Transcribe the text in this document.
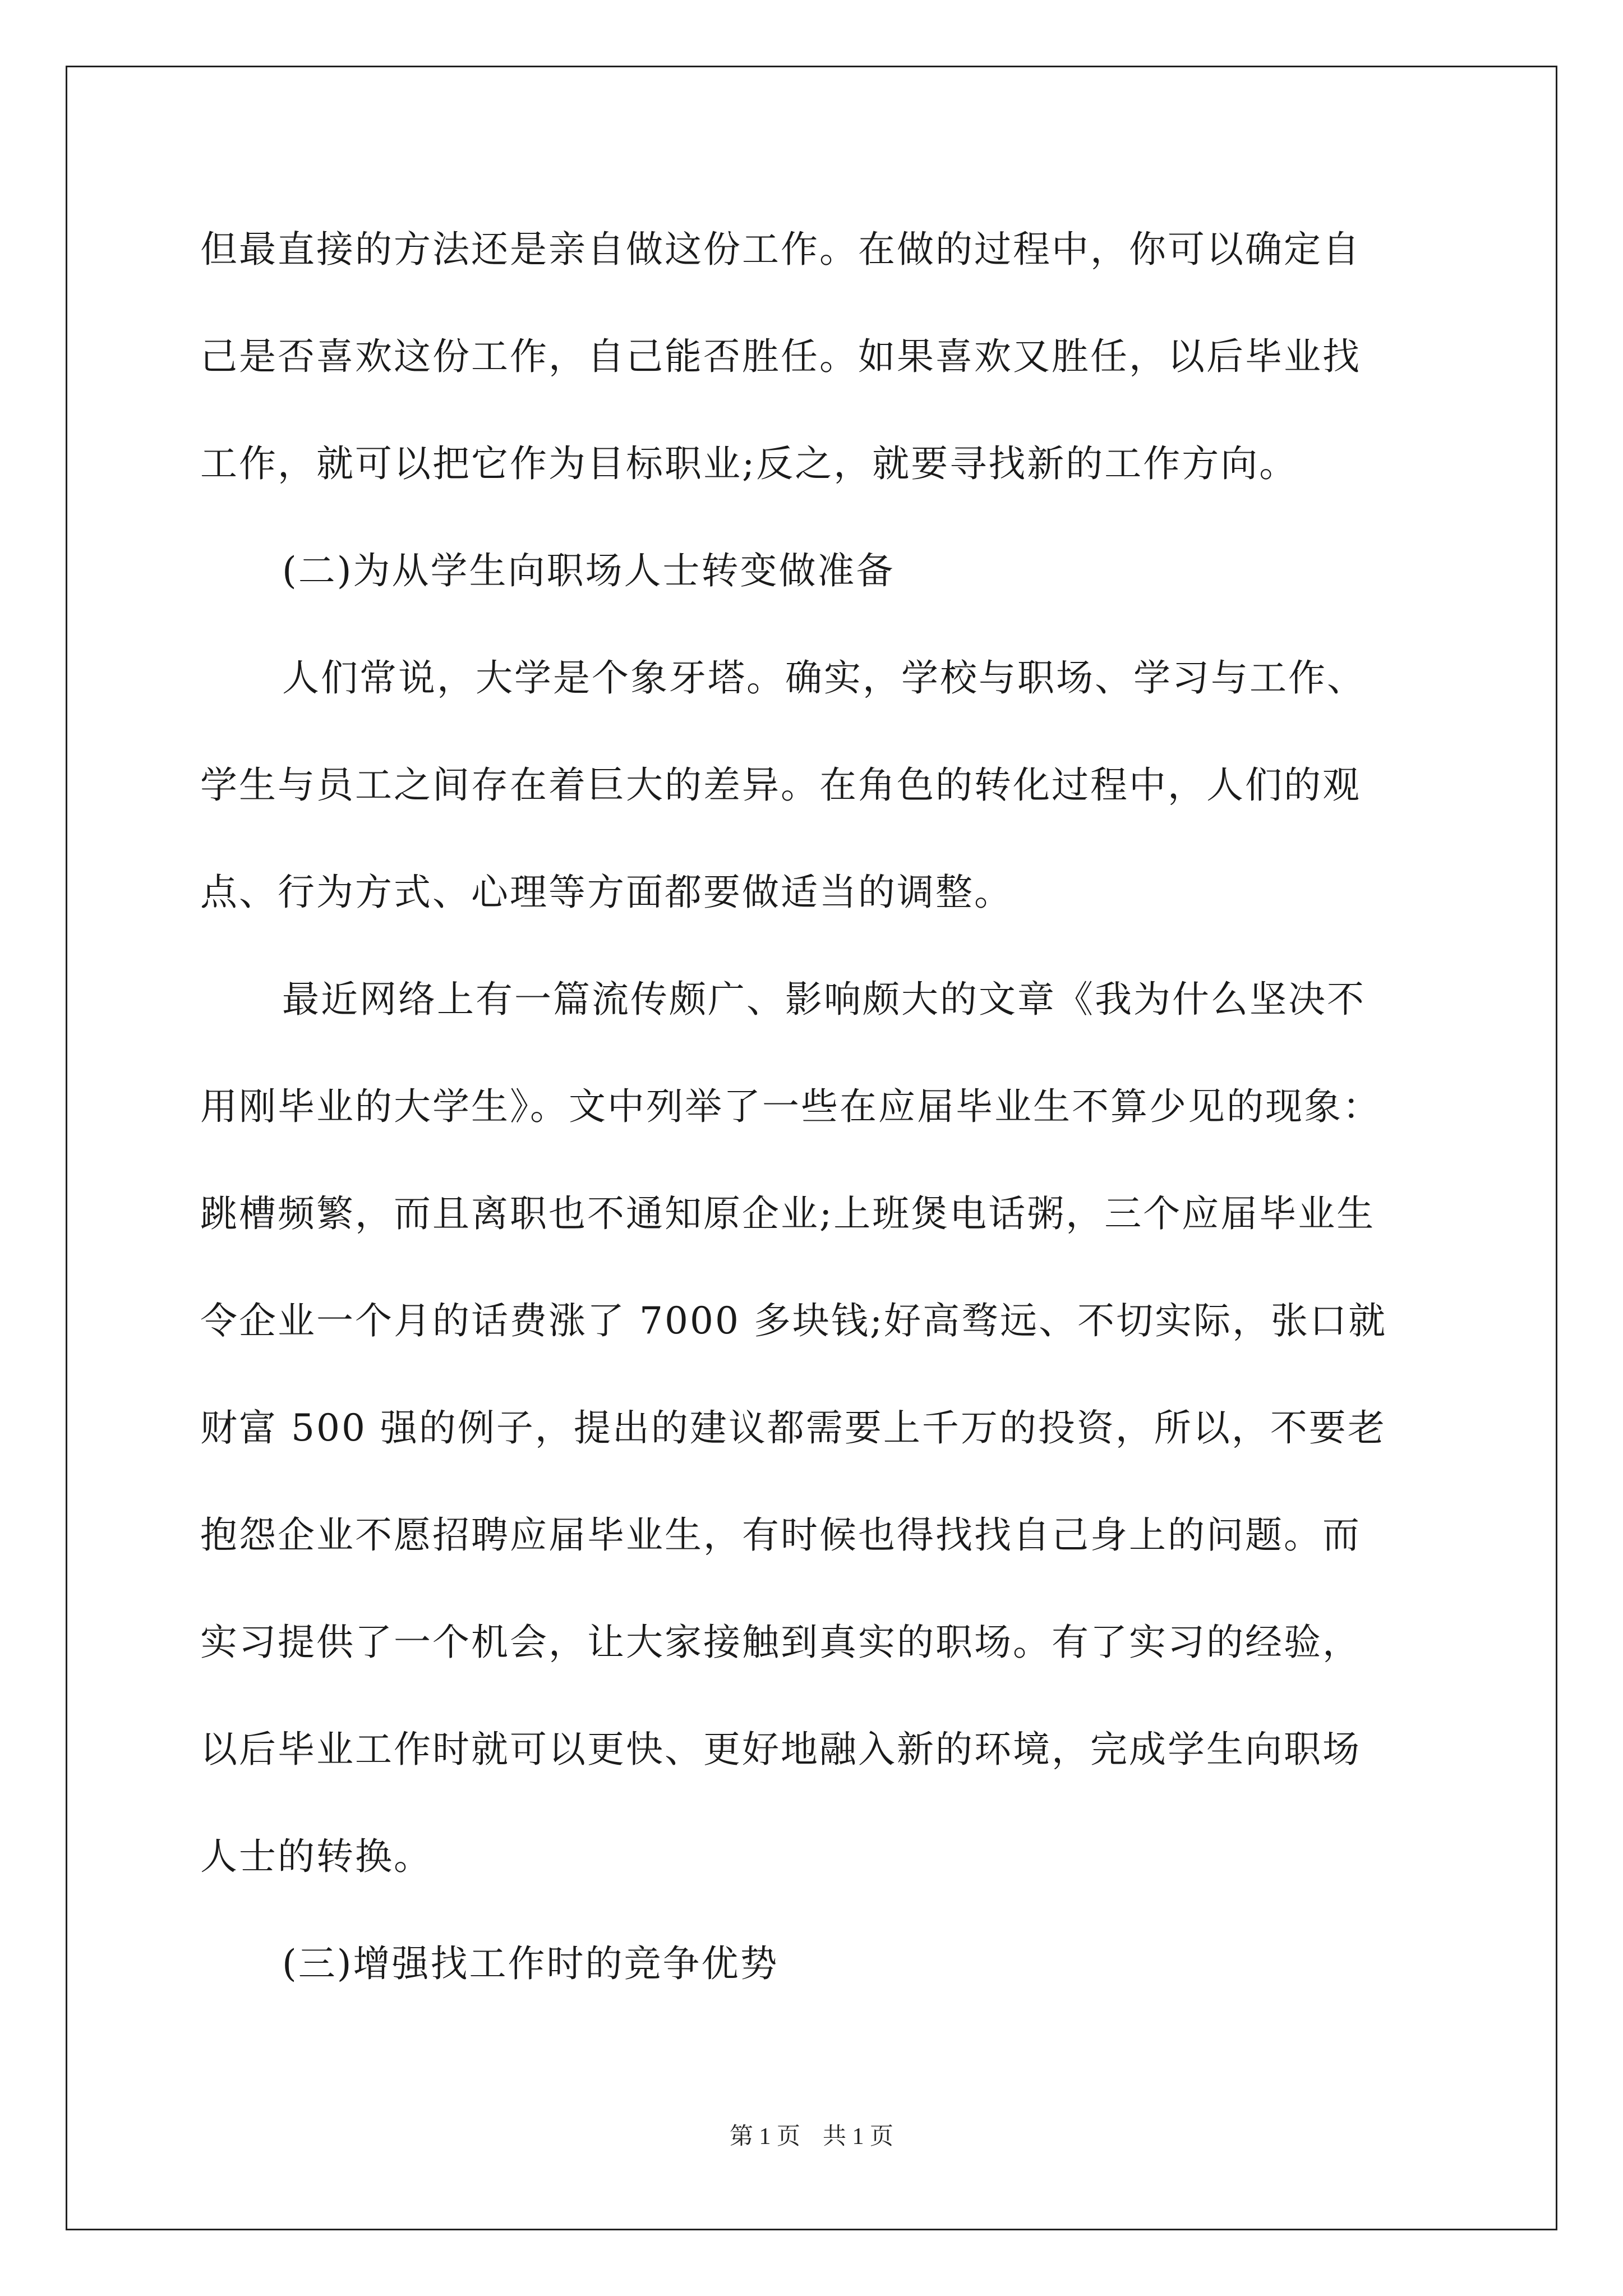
但最直接的方法还是亲自做这份工作。在做的过程中，你可以确定自
己是否喜欢这份工作，自己能否胜任。如果喜欢又胜任，以后毕业找
工作，就可以把它作为目标职业;反之，就要寻找新的工作方向。
(二)为从学生向职场人士转变做准备
人们常说，大学是个象牙塔。确实，学校与职场、学习与工作、
学生与员工之间存在着巨大的差异。在角色的转化过程中，人们的观
点、行为方式、心理等方面都要做适当的调整。
最近网络上有一篇流传颇广、影响颇大的文章《我为什么坚决不
用刚毕业的大学生》。文中列举了一些在应届毕业生不算少见的现象：
跳槽频繁，而且离职也不通知原企业;上班煲电话粥，三个应届毕业生
令企业一个月的话费涨了 7000 多块钱;好高骛远、不切实际，张口就
财富 500 强的例子，提出的建议都需要上千万的投资，所以，不要老
抱怨企业不愿招聘应届毕业生，有时候也得找找自己身上的问题。而
实习提供了一个机会，让大家接触到真实的职场。有了实习的经验，
以后毕业工作时就可以更快、更好地融入新的环境，完成学生向职场
人士的转换。
(三)增强找工作时的竞争优势
第 1 页 共 1 页
